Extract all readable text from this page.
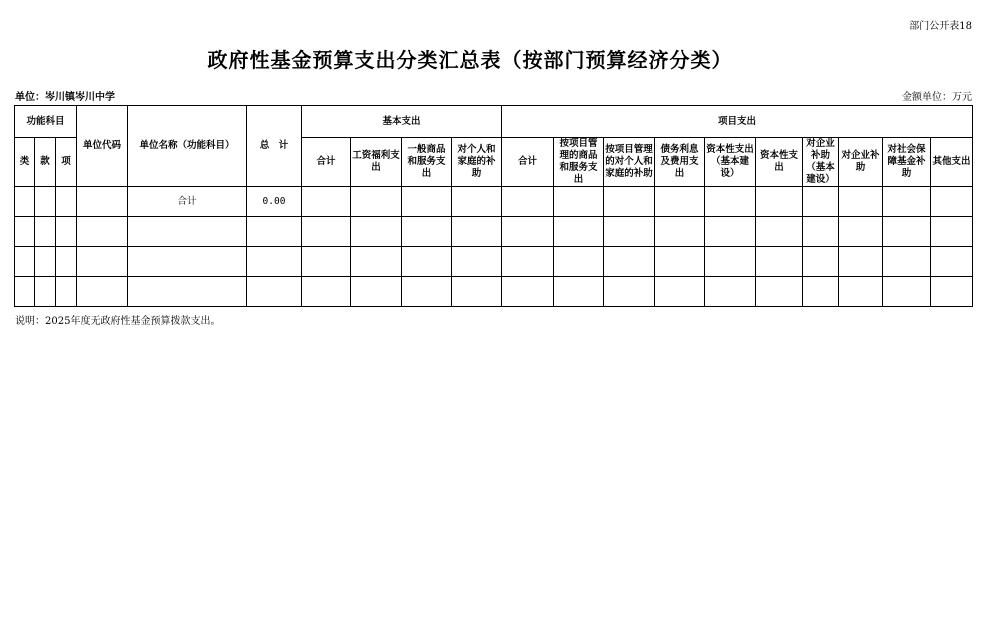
部门公开表18
政府性基金预算支出分类汇总表（按部门预算经济分类）
单位：岑川镇岑川中学	金额单位：万元
功能科目			单位代码	单位名称（功能科目）	总　计	基本支出				项目支出									
类	款	项				合计	工资福利支出	一般商品和服务支出	对个人和家庭的补助	合计	按项目管理的商品和服务支出	按项目管理的对个人和家庭的补助	债务利息及费用支出	资本性支出（基本建设）	资本性支出	对企业补助（基本建设）	对企业补助	对社会保障基金补助	其他支出
				合计	0.00														

说明：2025年度无政府性基金预算拨款支出。
